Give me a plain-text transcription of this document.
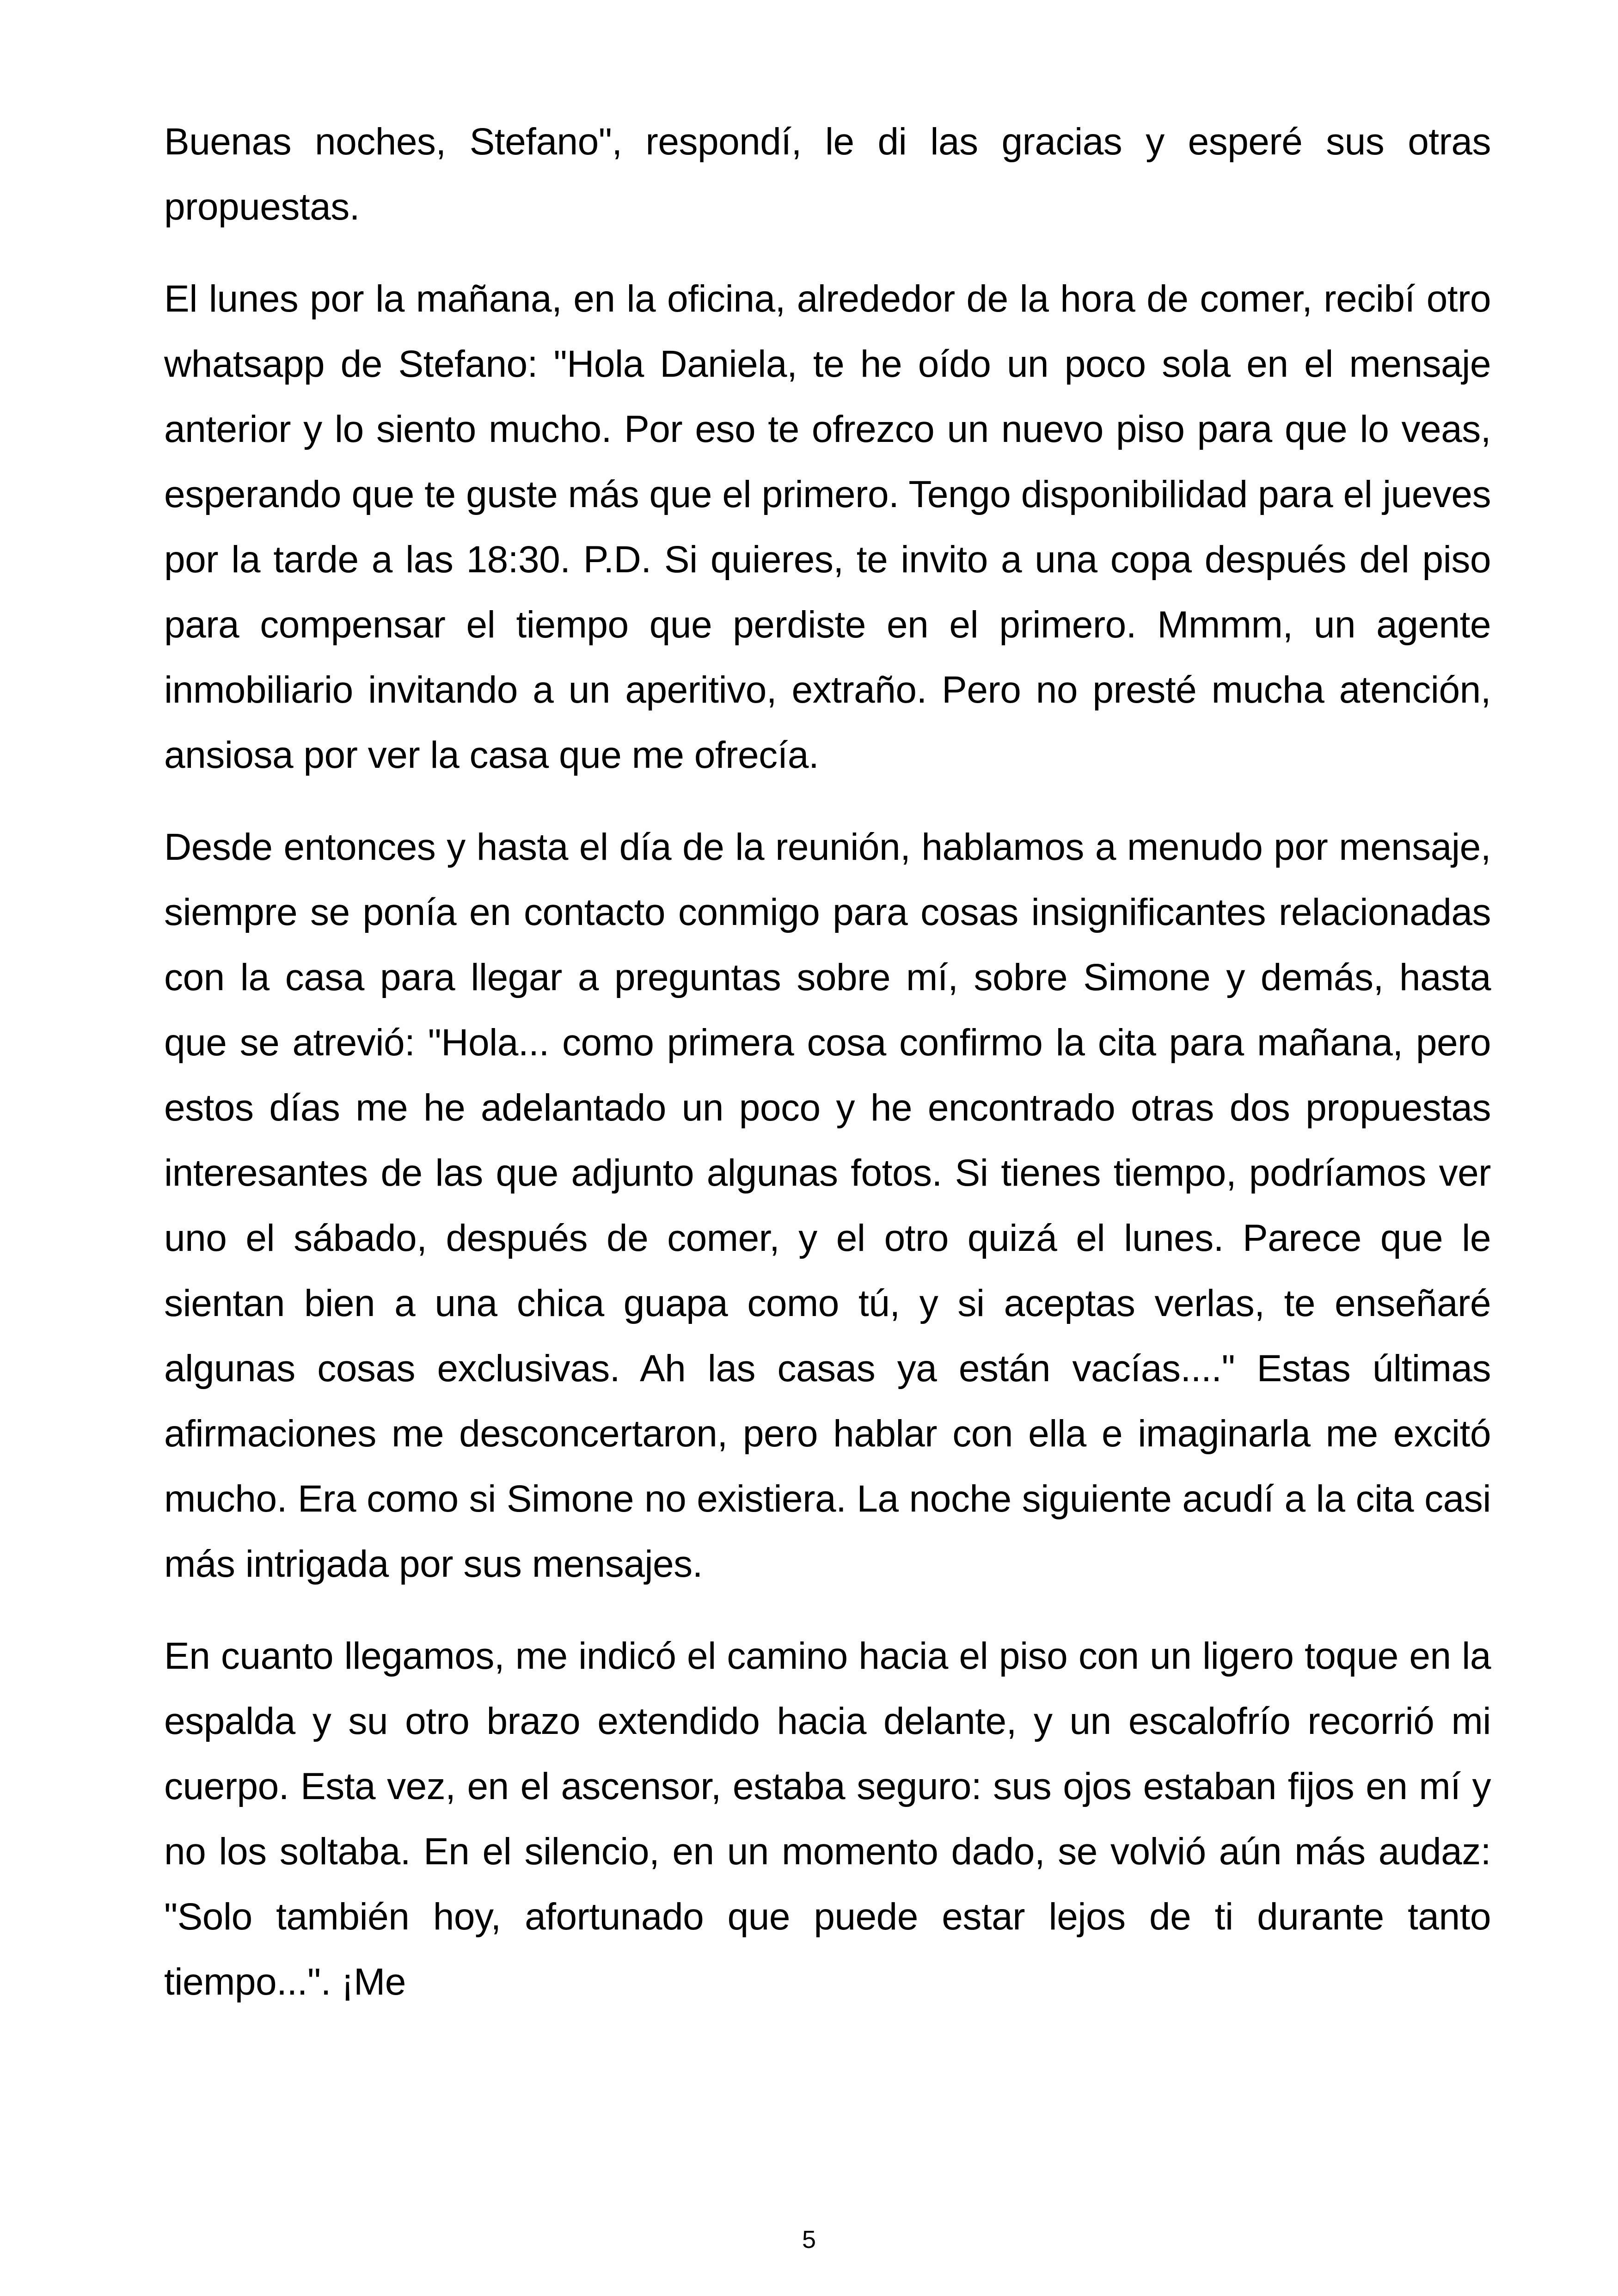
Buenas noches, Stefano", respondí, le di las gracias y esperé sus otras propuestas.

El lunes por la mañana, en la oficina, alrededor de la hora de comer, recibí otro whatsapp de Stefano: "Hola Daniela, te he oído un poco sola en el mensaje anterior y lo siento mucho. Por eso te ofrezco un nuevo piso para que lo veas, esperando que te guste más que el primero. Tengo disponibilidad para el jueves por la tarde a las 18:30. P.D. Si quieres, te invito a una copa después del piso para compensar el tiempo que perdiste en el primero. Mmmm, un agente inmobiliario invitando a un aperitivo, extraño. Pero no presté mucha atención, ansiosa por ver la casa que me ofrecía.

Desde entonces y hasta el día de la reunión, hablamos a menudo por mensaje, siempre se ponía en contacto conmigo para cosas insignificantes relacionadas con la casa para llegar a preguntas sobre mí, sobre Simone y demás, hasta que se atrevió: "Hola... como primera cosa confirmo la cita para mañana, pero estos días me he adelantado un poco y he encontrado otras dos propuestas interesantes de las que adjunto algunas fotos. Si tienes tiempo, podríamos ver uno el sábado, después de comer, y el otro quizá el lunes. Parece que le sientan bien a una chica guapa como tú, y si aceptas verlas, te enseñaré algunas cosas exclusivas. Ah las casas ya están vacías...." Estas últimas afirmaciones me desconcertaron, pero hablar con ella e imaginarla me excitó mucho. Era como si Simone no existiera. La noche siguiente acudí a la cita casi más intrigada por sus mensajes.

En cuanto llegamos, me indicó el camino hacia el piso con un ligero toque en la espalda y su otro brazo extendido hacia delante, y un escalofrío recorrió mi cuerpo. Esta vez, en el ascensor, estaba seguro: sus ojos estaban fijos en mí y no los soltaba. En el silencio, en un momento dado, se volvió aún más audaz: "Solo también hoy, afortunado que puede estar lejos de ti durante tanto tiempo...". ¡Me

5
